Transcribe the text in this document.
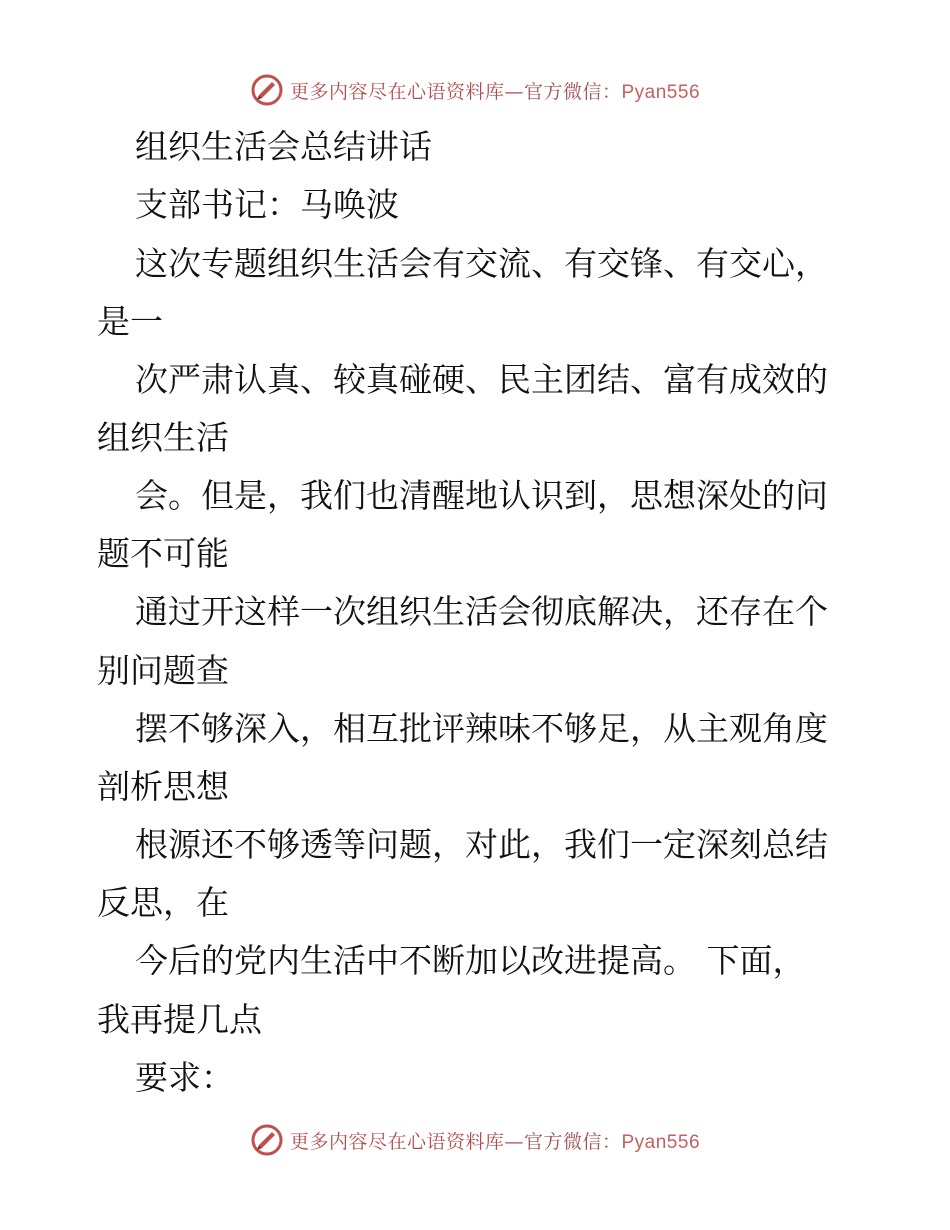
更多内容尽在心语资料库—官方微信：Pyan556
组织生活会总结讲话
支部书记：马唤波
这次专题组织生活会有交流、有交锋、有交心，
是一
次严肃认真、较真碰硬、民主团结、富有成效的
组织生活
会。但是，我们也清醒地认识到，思想深处的问
题不可能
通过开这样一次组织生活会彻底解决，还存在个
别问题查
摆不够深入，相互批评辣味不够足，从主观角度
剖析思想
根源还不够透等问题，对此，我们一定深刻总结
反思，在
今后的党内生活中不断加以改进提高。 下面，
我再提几点
要求：
更多内容尽在心语资料库—官方微信：Pyan556
